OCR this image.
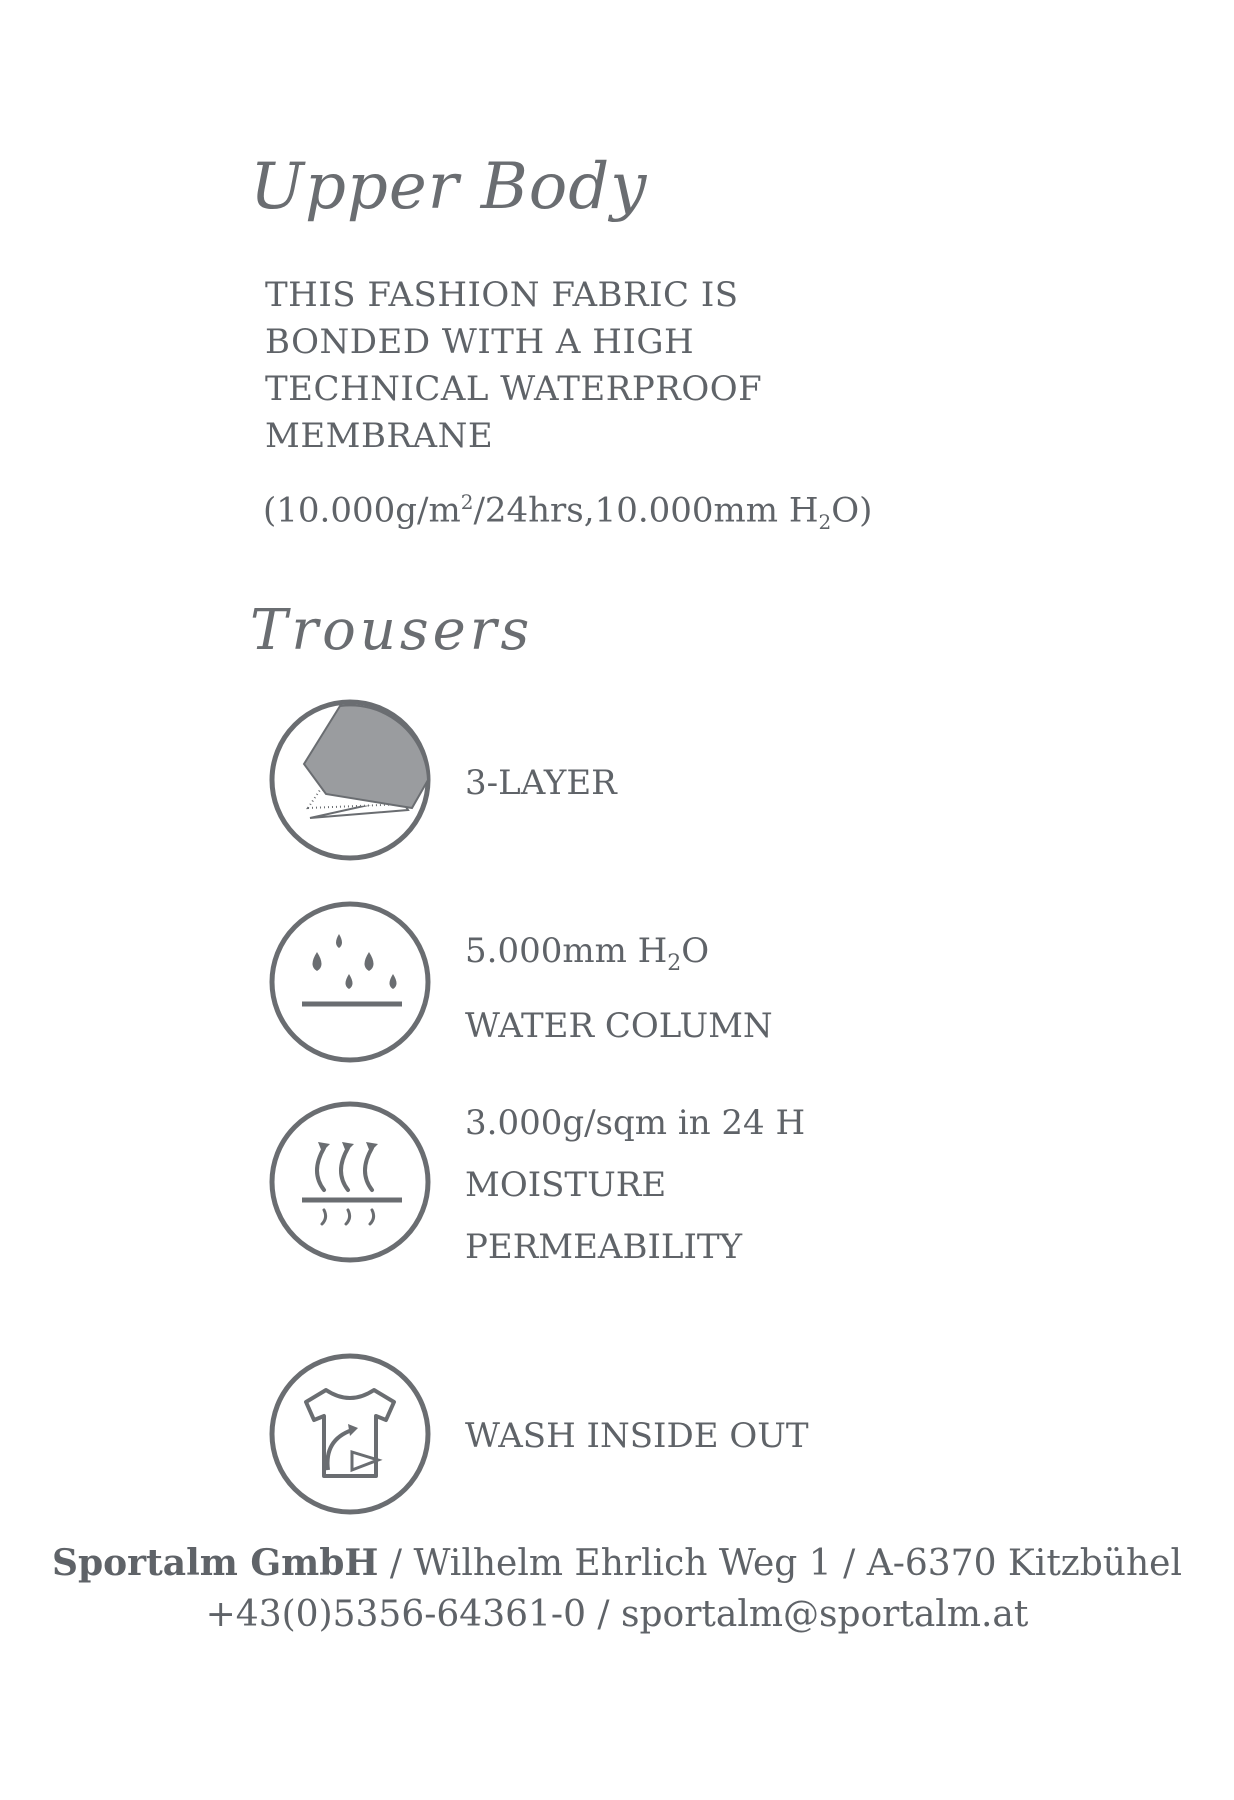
Upper Body
THIS FASHION FABRIC IS
BONDED WITH A HIGH
TECHNICAL WATERPROOF
MEMBRANE
($10.000g/m^2/24hrs,10.000mm$ $H_2O$)
Trousers
3-LAYER
5.000mm $H_2O$
WATER COLUMN
3.000g/sqm in 24 H
MOISTURE
PERMEABILITY
WASH INSIDE OUT
Sportalm GmbH / Wilhelm Ehrlich Weg 1 / A-6370 Kitzbühel
+43(0)5356-64361-0 / sportalm@sportalm.at
